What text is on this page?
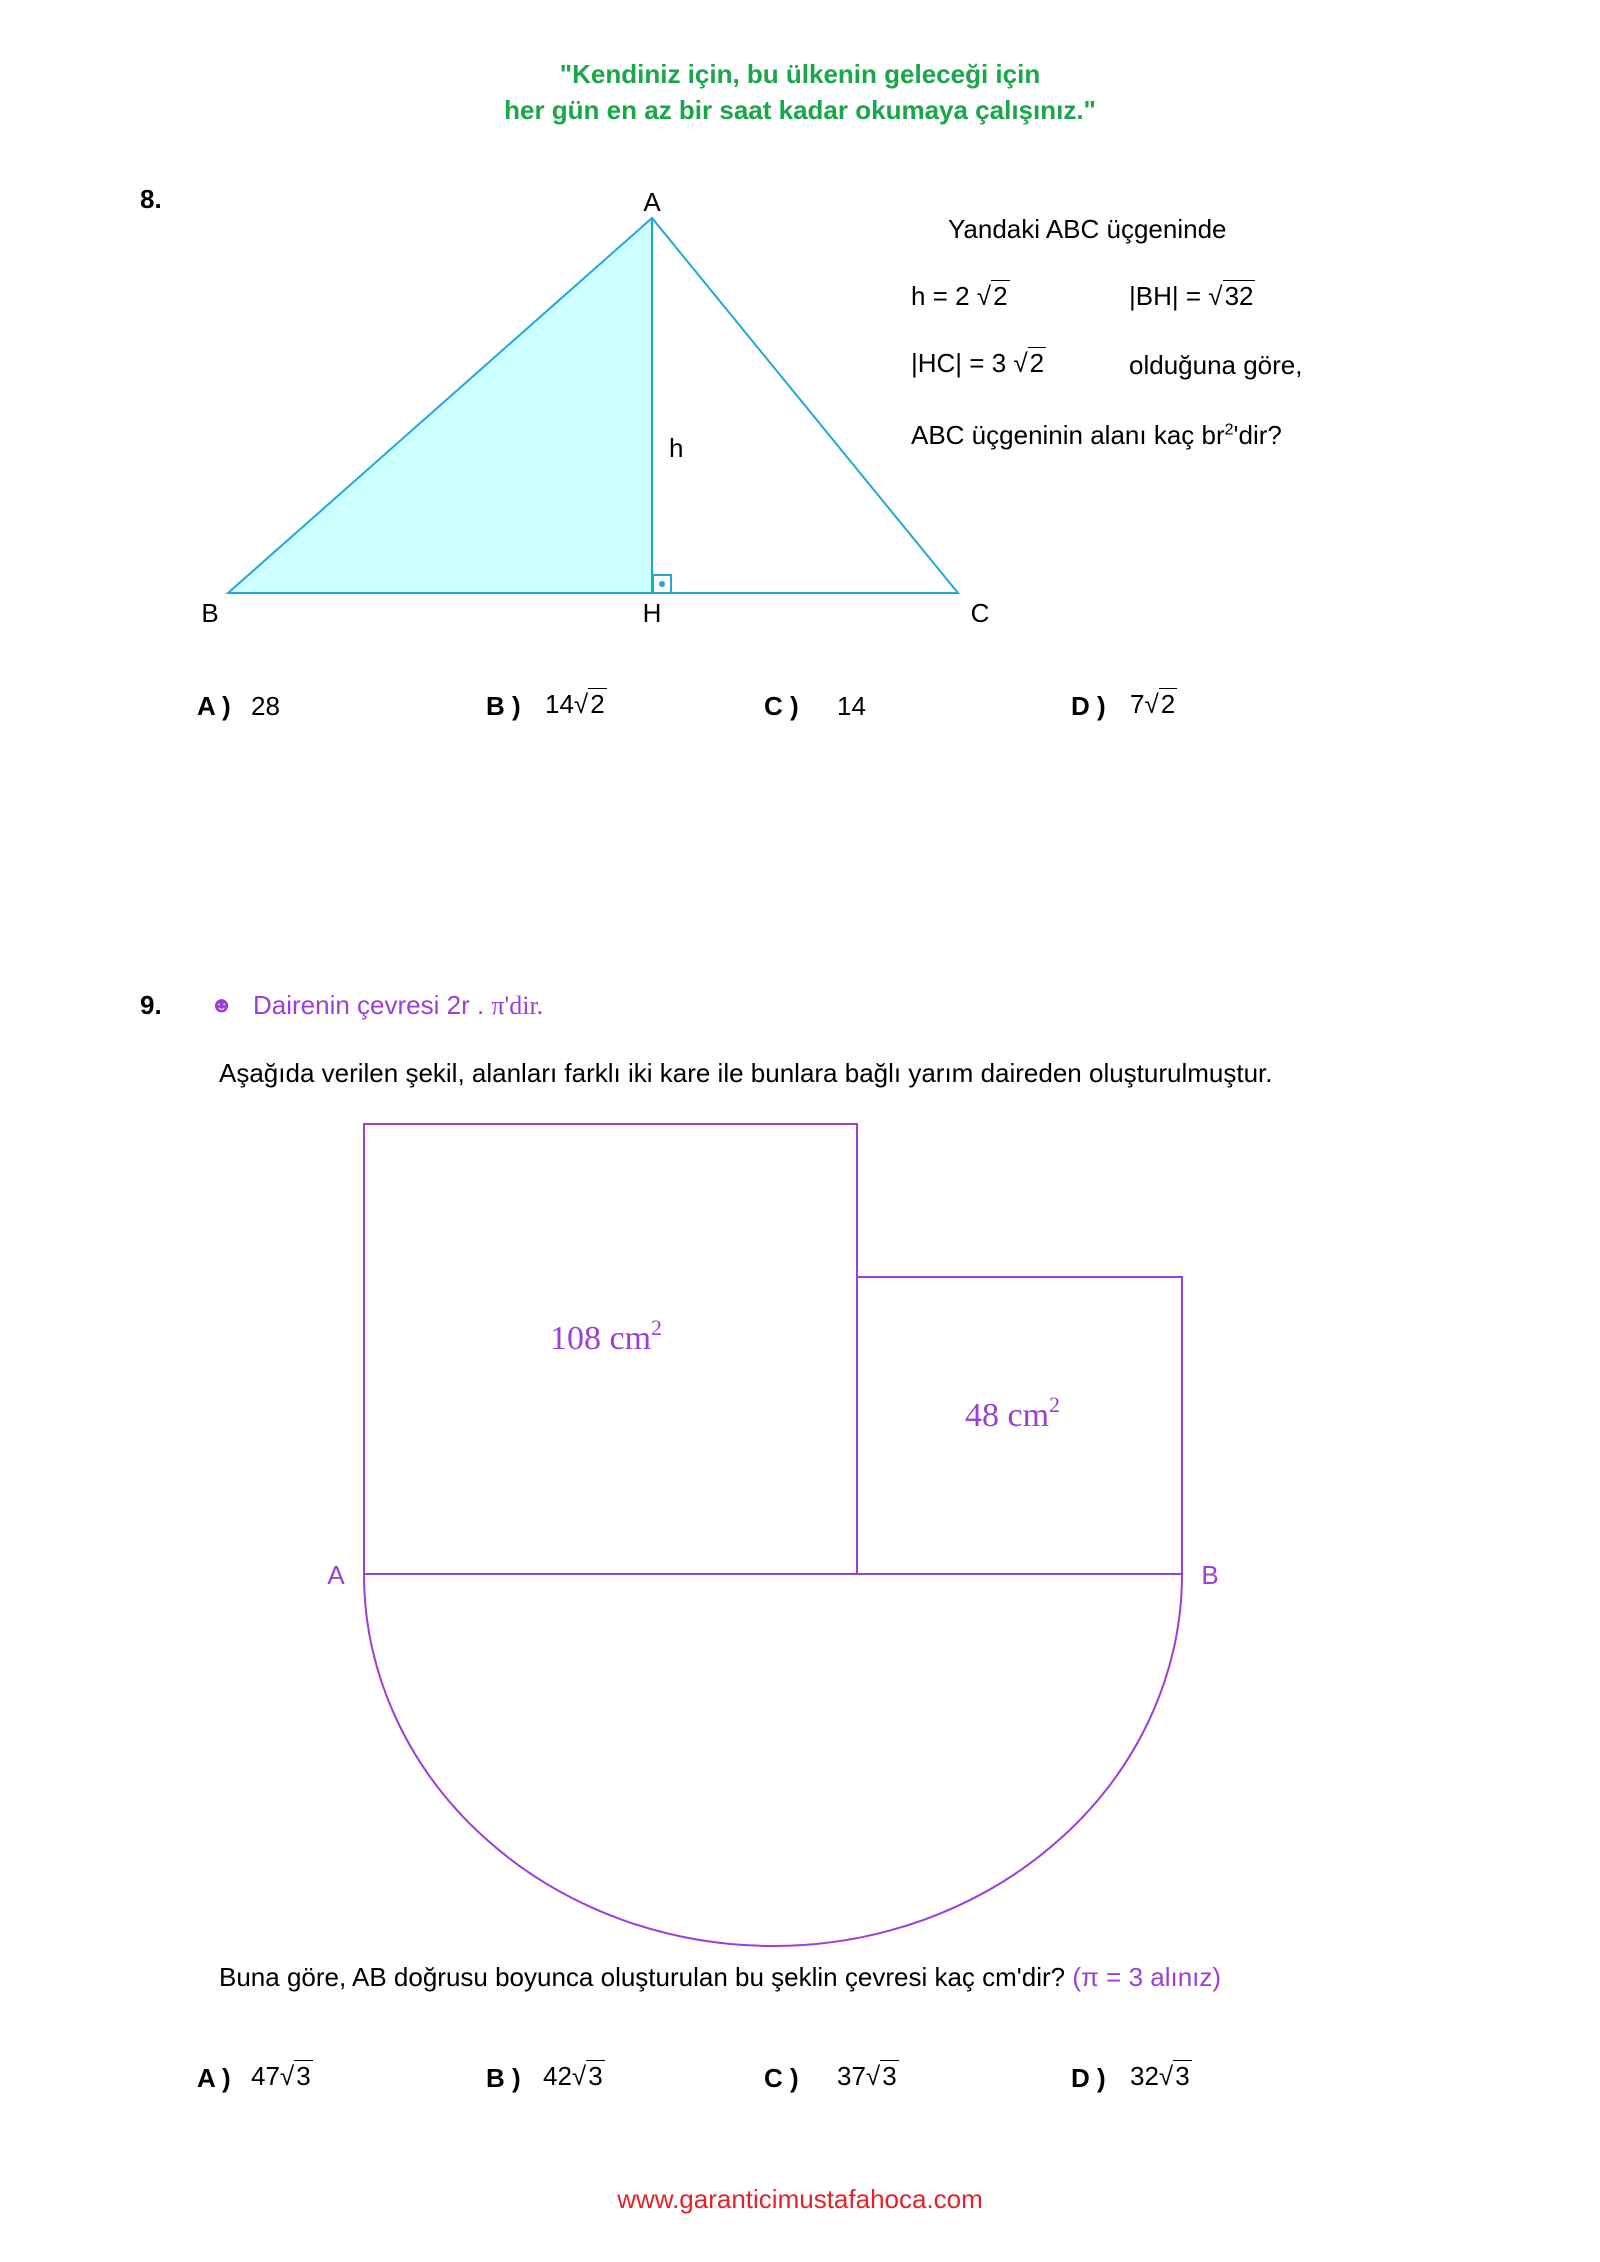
"Kendiniz için, bu ülkenin geleceği için
her gün en az bir saat kadar okumaya çalışınız."
8.	A
B	C
H
h
Yandaki ABC üçgeninde
h = 2 √2	|BH| = √32
|HC| = 3 √2	olduğuna göre,
ABC üçgeninin alanı kaç $br^2'dir$?
A ) 28	B ) 14√2	C ) 14	D ) 7√2
9. ☻ Dairenin çevresi 2r . π'dir.
Aşağıda verilen şekil, alanları farklı iki kare ile bunlara bağlı yarım daireden oluşturulmuştur.
108 $cm^2$
48 $cm^2$
A	B
Buna göre, AB doğrusu boyunca oluşturulan bu şeklin çevresi kaç cm'dir? (π = 3 alınız)
A ) 47√3	B ) 42√3	C ) 37√3	D ) 32√3
www.garanticimustafahoca.com
